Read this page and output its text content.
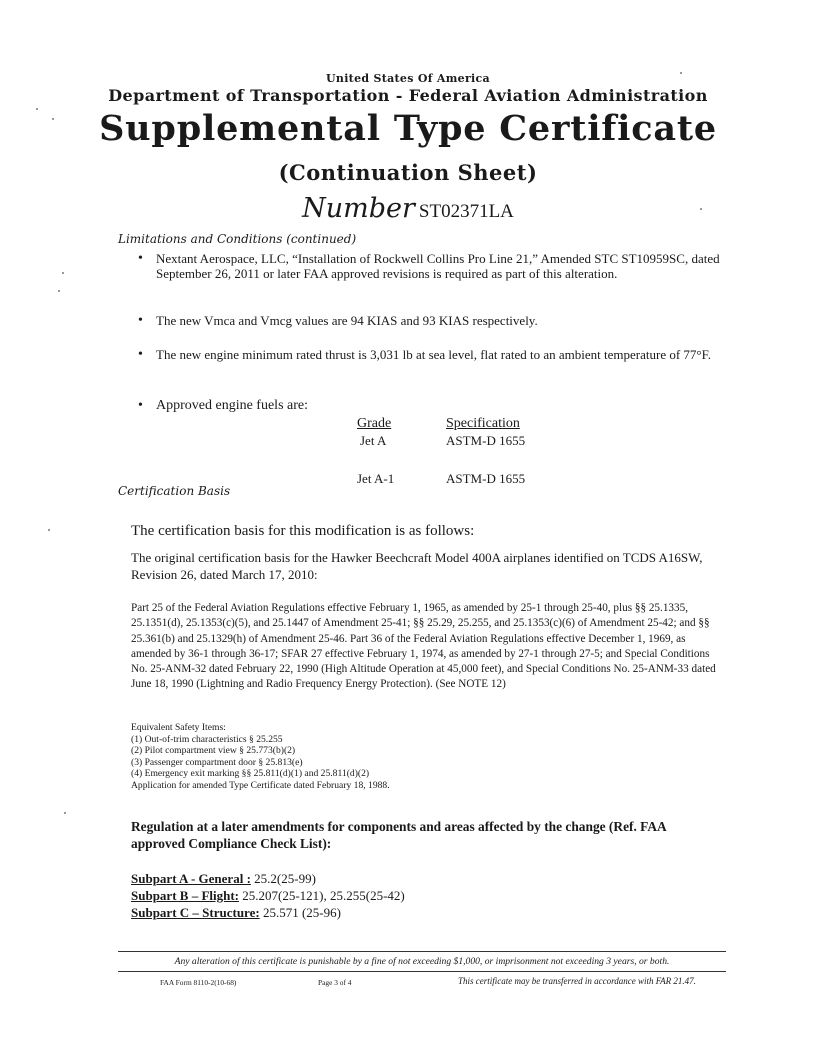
United States Of America
Department of Transportation - Federal Aviation Administration
Supplemental Type Certificate
(Continuation Sheet)
Number ST02371LA
Limitations and Conditions (continued)
• Nextant Aerospace, LLC, “Installation of Rockwell Collins Pro Line 21,” Amended STC ST10959SC, dated September 26, 2011 or later FAA approved revisions is required as part of this alteration.
• The new Vmca and Vmcg values are 94 KIAS and 93 KIAS respectively.
• The new engine minimum rated thrust is 3,031 lb at sea level, flat rated to an ambient temperature of 77°F.
• Approved engine fuels are:
Grade	Specification
Jet A	ASTM-D 1655
Jet A-1	ASTM-D 1655
Certification Basis
The certification basis for this modification is as follows:
The original certification basis for the Hawker Beechcraft Model 400A airplanes identified on TCDS A16SW, Revision 26, dated March 17, 2010:
Part 25 of the Federal Aviation Regulations effective February 1, 1965, as amended by 25-1 through 25-40, plus §§ 25.1335, 25.1351(d), 25.1353(c)(5), and 25.1447 of Amendment 25-41; §§ 25.29, 25.255, and 25.1353(c)(6) of Amendment 25-42; and §§ 25.361(b) and 25.1329(h) of Amendment 25-46. Part 36 of the Federal Aviation Regulations effective December 1, 1969, as amended by 36-1 through 36-17; SFAR 27 effective February 1, 1974, as amended by 27-1 through 27-5; and Special Conditions No. 25-ANM-32 dated February 22, 1990 (High Altitude Operation at 45,000 feet), and Special Conditions No. 25-ANM-33 dated June 18, 1990 (Lightning and Radio Frequency Energy Protection). (See NOTE 12)
Equivalent Safety Items:
(1) Out-of-trim characteristics § 25.255
(2) Pilot compartment view § 25.773(b)(2)
(3) Passenger compartment door § 25.813(e)
(4) Emergency exit marking §§ 25.811(d)(1) and 25.811(d)(2)
Application for amended Type Certificate dated February 18, 1988.
Regulation at a later amendments for components and areas affected by the change (Ref. FAA approved Compliance Check List):
Subpart A - General : 25.2(25-99)
Subpart B – Flight: 25.207(25-121), 25.255(25-42)
Subpart C – Structure: 25.571 (25-96)
Any alteration of this certificate is punishable by a fine of not exceeding $1,000, or imprisonment not exceeding 3 years, or both.
FAA Form 8110-2(10-68)	Page 3 of 4	This certificate may be transferred in accordance with FAR 21.47.
